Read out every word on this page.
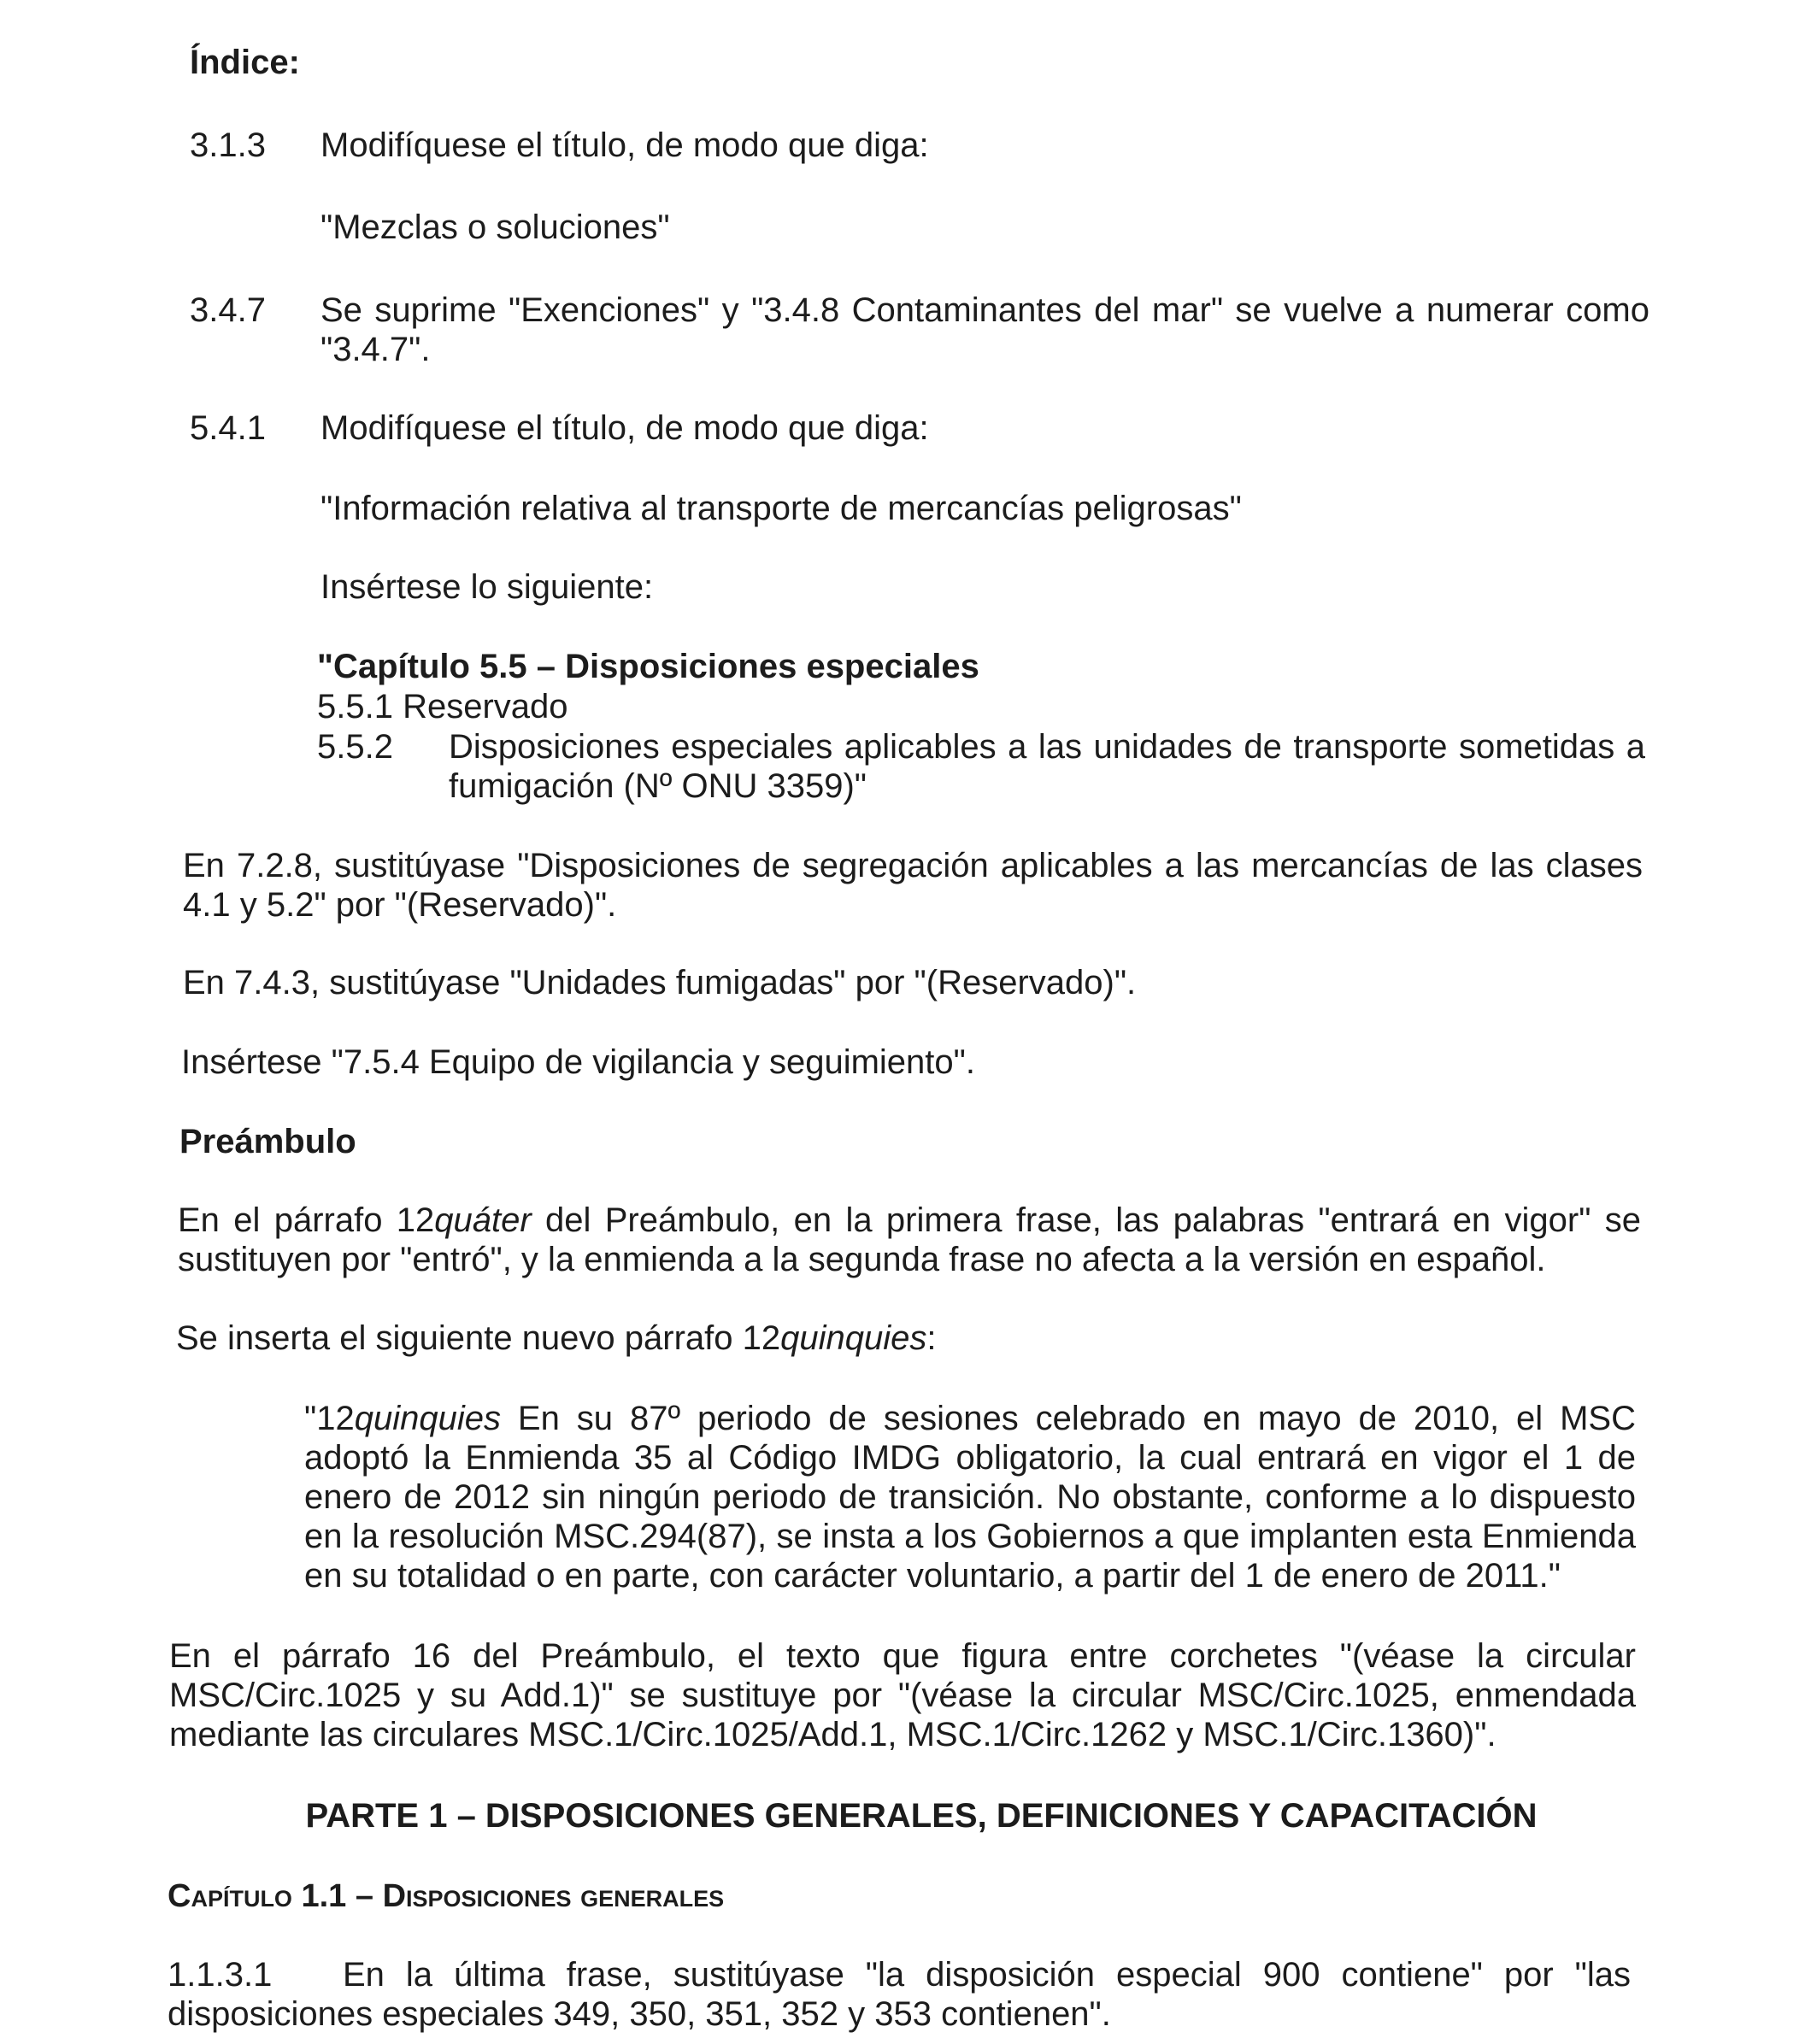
Índice:
3.1.3	Modifíquese el título, de modo que diga:
"Mezclas o soluciones"
3.4.7	Se suprime "Exenciones" y "3.4.8 Contaminantes del mar" se vuelve a numerar como "3.4.7".
5.4.1	Modifíquese el título, de modo que diga:
"Información relativa al transporte de mercancías peligrosas"
Insértese lo siguiente:
"Capítulo 5.5 – Disposiciones especiales
5.5.1 Reservado
5.5.2	Disposiciones especiales aplicables a las unidades de transporte sometidas a fumigación (Nº ONU 3359)"
En 7.2.8, sustitúyase "Disposiciones de segregación aplicables a las mercancías de las clases 4.1 y 5.2" por "(Reservado)".
En 7.4.3, sustitúyase "Unidades fumigadas" por "(Reservado)".
Insértese "7.5.4 Equipo de vigilancia y seguimiento".
Preámbulo

En el párrafo 12quáter del Preámbulo, en la primera frase, las palabras "entrará en vigor" se sustituyen por "entró", y la enmienda a la segunda frase no afecta a la versión en español.

Se inserta el siguiente nuevo párrafo 12quinquies:

"12quinquies En su 87º periodo de sesiones celebrado en mayo de 2010, el MSC adoptó la Enmienda 35 al Código IMDG obligatorio, la cual entrará en vigor el 1 de enero de 2012 sin ningún periodo de transición. No obstante, conforme a lo dispuesto en la resolución MSC.294(87), se insta a los Gobiernos a que implanten esta Enmienda en su totalidad o en parte, con carácter voluntario, a partir del 1 de enero de 2011."

En el párrafo 16 del Preámbulo, el texto que figura entre corchetes "(véase la circular MSC/Circ.1025 y su Add.1)" se sustituye por "(véase la circular MSC/Circ.1025, enmendada mediante las circulares MSC.1/Circ.1025/Add.1, MSC.1/Circ.1262 y MSC.1/Circ.1360)".

PARTE 1 – DISPOSICIONES GENERALES, DEFINICIONES Y CAPACITACIÓN
Capítulo 1.1 – Disposiciones generales

1.1.3.1 En la última frase, sustitúyase "la disposición especial 900 contiene" por "las disposiciones especiales 349, 350, 351, 352 y 353 contienen".
